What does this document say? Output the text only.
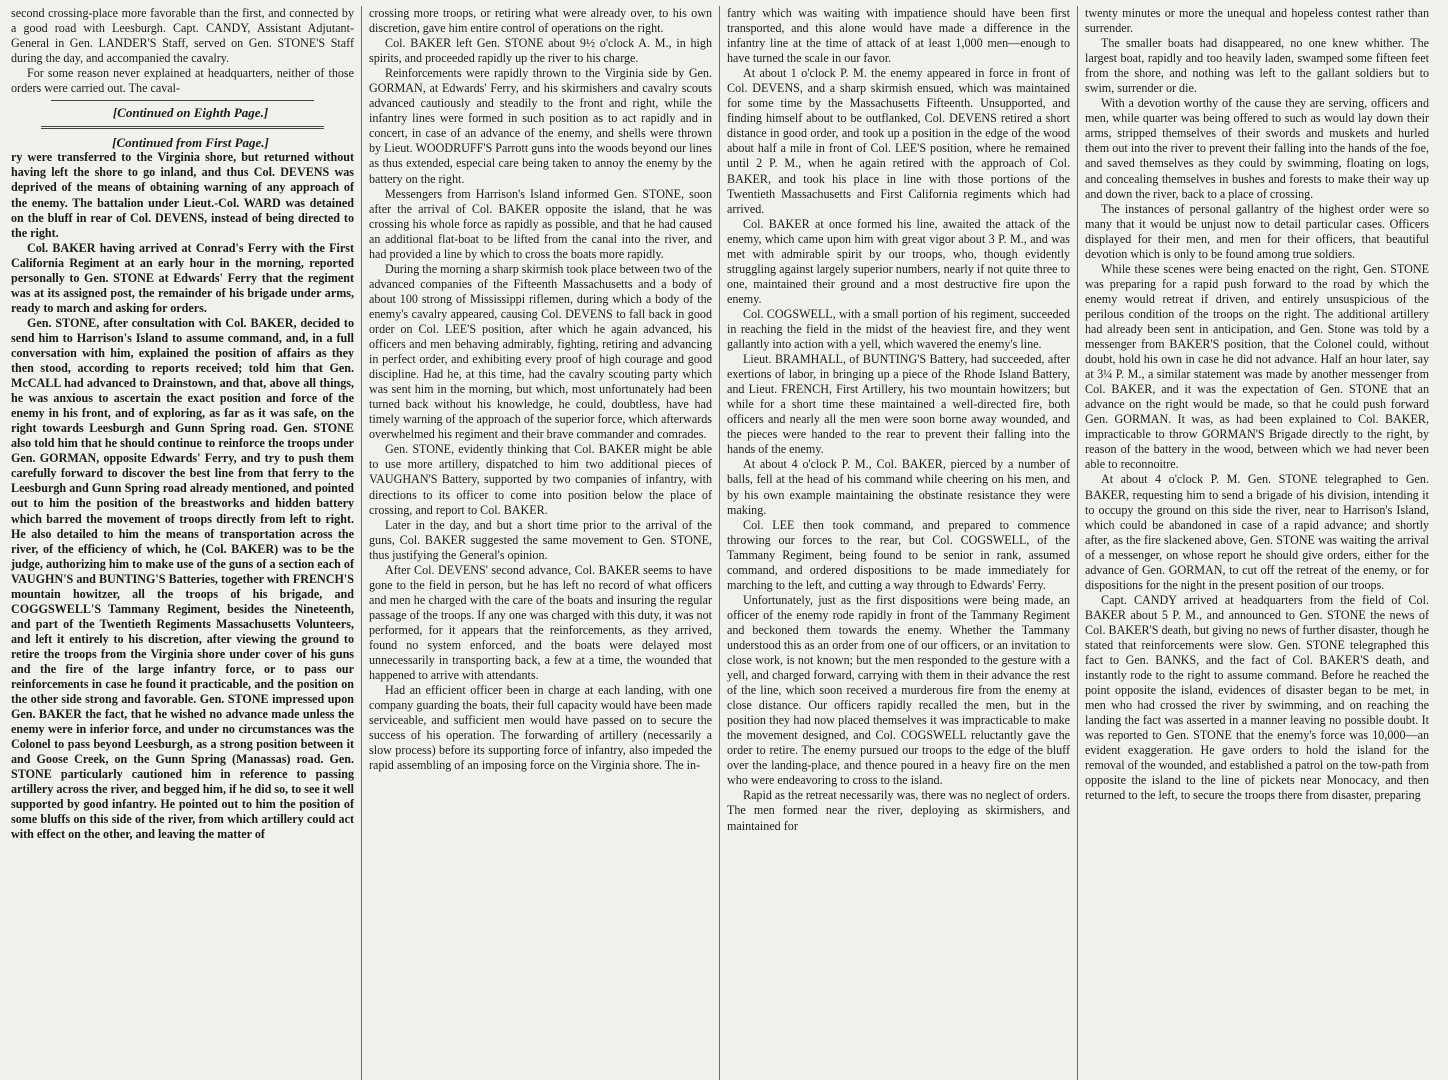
second crossing-place more favorable than the first, and connected by a good road with Leesburgh. Capt. CANDY, Assistant Adjutant-General in Gen. LANDER'S Staff, served on Gen. STONE'S Staff during the day, and accompanied the cavalry.

For some reason never explained at headquarters, neither of those orders were carried out. The caval-

[Continued on Eighth Page.]

[Continued from First Page.]

ry were transferred to the Virginia shore, but returned without having left the shore to go inland, and thus Col. DEVENS was deprived of the means of obtaining warning of any approach of the enemy. The battalion under Lieut.-Col. WARD was detained on the bluff in rear of Col. DEVENS, instead of being directed to the right.

Col. BAKER having arrived at Conrad's Ferry with the First California Regiment at an early hour in the morning, reported personally to Gen. STONE at Edwards' Ferry that the regiment was at its assigned post, the remainder of his brigade under arms, ready to march and asking for orders.

Gen. STONE, after consultation with Col. BAKER, decided to send him to Harrison's Island to assume command, and, in a full conversation with him, explained the position of affairs as they then stood, according to reports received; told him that Gen. McCALL had advanced to Drainstown, and that, above all things, he was anxious to ascertain the exact position and force of the enemy in his front, and of exploring, as far as it was safe, on the right towards Leesburgh and Gunn Spring road. Gen. STONE also told him that he should continue to reinforce the troops under Gen. GORMAN, opposite Edwards' Ferry, and try to push them carefully forward to discover the best line from that ferry to the Leesburgh and Gunn Spring road already mentioned, and pointed out to him the position of the breastworks and hidden battery which barred the movement of troops directly from left to right. He also detailed to him the means of transportation across the river, of the efficiency of which, he (Col. BAKER) was to be the judge, authorizing him to make use of the guns of a section each of VAUGHN'S and BUNTING'S Batteries, together with FRENCH'S mountain howitzer, all the troops of his brigade, and COGGSWELL'S Tammany Regiment, besides the Nineteenth, and part of the Twentieth Regiments Massachusetts Volunteers, and left it entirely to his discretion, after viewing the ground to retire the troops from the Virginia shore under cover of his guns and the fire of the large infantry force, or to pass our reinforcements in case he found it practicable, and the position on the other side strong and favorable. Gen. STONE impressed upon Gen. BAKER the fact, that he wished no advance made unless the enemy were in inferior force, and under no circumstances was the Colonel to pass beyond Leesburgh, as a strong position between it and Goose Creek, on the Gunn Spring (Manassas) road. Gen. STONE particularly cautioned him in reference to passing artillery across the river, and begged him, if he did so, to see it well supported by good infantry. He pointed out to him the position of some bluffs on this side of the river, from which artillery could act with effect on the other, and leaving the matter of

crossing more troops, or retiring what were already over, to his own discretion, gave him entire control of operations on the right.

Col. BAKER left Gen. STONE about 9½ o'clock A. M., in high spirits, and proceeded rapidly up the river to his charge.

Reinforcements were rapidly thrown to the Virginia side by Gen. GORMAN, at Edwards' Ferry, and his skirmishers and cavalry scouts advanced cautiously and steadily to the front and right, while the infantry lines were formed in such position as to act rapidly and in concert, in case of an advance of the enemy, and shells were thrown by Lieut. WOODRUFF'S Parrott guns into the woods beyond our lines as thus extended, especial care being taken to annoy the enemy by the battery on the right.

Messengers from Harrison's Island informed Gen. STONE, soon after the arrival of Col. BAKER opposite the island, that he was crossing his whole force as rapidly as possible, and that he had caused an additional flat-boat to be lifted from the canal into the river, and had provided a line by which to cross the boats more rapidly.

During the morning a sharp skirmish took place between two of the advanced companies of the Fifteenth Massachusetts and a body of about 100 strong of Mississippi riflemen, during which a body of the enemy's cavalry appeared, causing Col. DEVENS to fall back in good order on Col. LEE'S position, after which he again advanced, his officers and men behaving admirably, fighting, retiring and advancing in perfect order, and exhibiting every proof of high courage and good discipline. Had he, at this time, had the cavalry scouting party which was sent him in the morning, but which, most unfortunately had been turned back without his knowledge, he could, doubtless, have had timely warning of the approach of the superior force, which afterwards overwhelmed his regiment and their brave commander and comrades.

Gen. STONE, evidently thinking that Col. BAKER might be able to use more artillery, dispatched to him two additional pieces of VAUGHAN'S Battery, supported by two companies of infantry, with directions to its officer to come into position below the place of crossing, and report to Col. BAKER.

Later in the day, and but a short time prior to the arrival of the guns, Col. BAKER suggested the same movement to Gen. STONE, thus justifying the General's opinion.

After Col. DEVENS' second advance, Col. BAKER seems to have gone to the field in person, but he has left no record of what officers and men he charged with the care of the boats and insuring the regular passage of the troops. If any one was charged with this duty, it was not performed, for it appears that the reinforcements, as they arrived, found no system enforced, and the boats were delayed most unnecessarily in transporting back, a few at a time, the wounded that happened to arrive with attendants.

Had an efficient officer been in charge at each landing, with one company guarding the boats, their full capacity would have been made serviceable, and sufficient men would have passed on to secure the success of his operation. The forwarding of artillery (necessarily a slow process) before its supporting force of infantry, also impeded the rapid assembling of an imposing force on the Virginia shore. The in-

fantry which was waiting with impatience should have been first transported, and this alone would have made a difference in the infantry line at the time of attack of at least 1,000 men—enough to have turned the scale in our favor.

At about 1 o'clock P. M. the enemy appeared in force in front of Col. DEVENS, and a sharp skirmish ensued, which was maintained for some time by the Massachusetts Fifteenth. Unsupported, and finding himself about to be outflanked, Col. DEVENS retired a short distance in good order, and took up a position in the edge of the wood about half a mile in front of Col. LEE'S position, where he remained until 2 P. M., when he again retired with the approach of Col. BAKER, and took his place in line with those portions of the Twentieth Massachusetts and First California regiments which had arrived.

Col. BAKER at once formed his line, awaited the attack of the enemy, which came upon him with great vigor about 3 P. M., and was met with admirable spirit by our troops, who, though evidently struggling against largely superior numbers, nearly if not quite three to one, maintained their ground and a most destructive fire upon the enemy.

Col. COGSWELL, with a small portion of his regiment, succeeded in reaching the field in the midst of the heaviest fire, and they went gallantly into action with a yell, which wavered the enemy's line.

Lieut. BRAMHALL, of BUNTING'S Battery, had succeeded, after exertions of labor, in bringing up a piece of the Rhode Island Battery, and Lieut. FRENCH, First Artillery, his two mountain howitzers; but while for a short time these maintained a well-directed fire, both officers and nearly all the men were soon borne away wounded, and the pieces were handed to the rear to prevent their falling into the hands of the enemy.

At about 4 o'clock P. M., Col. BAKER, pierced by a number of balls, fell at the head of his command while cheering on his men, and by his own example maintaining the obstinate resistance they were making.

Col. LEE then took command, and prepared to commence throwing our forces to the rear, but Col. COGSWELL, of the Tammany Regiment, being found to be senior in rank, assumed command, and ordered dispositions to be made immediately for marching to the left, and cutting a way through to Edwards' Ferry.

Unfortunately, just as the first dispositions were being made, an officer of the enemy rode rapidly in front of the Tammany Regiment and beckoned them towards the enemy. Whether the Tammany understood this as an order from one of our officers, or an invitation to close work, is not known; but the men responded to the gesture with a yell, and charged forward, carrying with them in their advance the rest of the line, which soon received a murderous fire from the enemy at close distance. Our officers rapidly recalled the men, but in the position they had now placed themselves it was impracticable to make the movement designed, and Col. COGSWELL reluctantly gave the order to retire. The enemy pursued our troops to the edge of the bluff over the landing-place, and thence poured in a heavy fire on the men who were endeavoring to cross to the island.

Rapid as the retreat necessarily was, there was no neglect of orders. The men formed near the river, deploying as skirmishers, and maintained for

twenty minutes or more the unequal and hopeless contest rather than surrender.

The smaller boats had disappeared, no one knew whither. The largest boat, rapidly and too heavily laden, swamped some fifteen feet from the shore, and nothing was left to the gallant soldiers but to swim, surrender or die.

With a devotion worthy of the cause they are serving, officers and men, while quarter was being offered to such as would lay down their arms, stripped themselves of their swords and muskets and hurled them out into the river to prevent their falling into the hands of the foe, and saved themselves as they could by swimming, floating on logs, and concealing themselves in bushes and forests to make their way up and down the river, back to a place of crossing.

The instances of personal gallantry of the highest order were so many that it would be unjust now to detail particular cases. Officers displayed for their men, and men for their officers, that beautiful devotion which is only to be found among true soldiers.

While these scenes were being enacted on the right, Gen. STONE was preparing for a rapid push forward to the road by which the enemy would retreat if driven, and entirely unsuspicious of the perilous condition of the troops on the right. The additional artillery had already been sent in anticipation, and Gen. Stone was told by a messenger from BAKER'S position, that the Colonel could, without doubt, hold his own in case he did not advance. Half an hour later, say at 3¼ P. M., a similar statement was made by another messenger from Col. BAKER, and it was the expectation of Gen. STONE that an advance on the right would be made, so that he could push forward Gen. GORMAN. It was, as had been explained to Col. BAKER, impracticable to throw GORMAN'S Brigade directly to the right, by reason of the battery in the wood, between which we had never been able to reconnoitre.

At about 4 o'clock P. M. Gen. STONE telegraphed to Gen. BAKER, requesting him to send a brigade of his division, intending it to occupy the ground on this side the river, near to Harrison's Island, which could be abandoned in case of a rapid advance; and shortly after, as the fire slackened above, Gen. STONE was waiting the arrival of a messenger, on whose report he should give orders, either for the advance of Gen. GORMAN, to cut off the retreat of the enemy, or for dispositions for the night in the present position of our troops.

Capt. CANDY arrived at headquarters from the field of Col. BAKER about 5 P. M., and announced to Gen. STONE the news of Col. BAKER'S death, but giving no news of further disaster, though he stated that reinforcements were slow. Gen. STONE telegraphed this fact to Gen. BANKS, and the fact of Col. BAKER'S death, and instantly rode to the right to assume command. Before he reached the point opposite the island, evidences of disaster began to be met, in men who had crossed the river by swimming, and on reaching the landing the fact was asserted in a manner leaving no possible doubt. It was reported to Gen. STONE that the enemy's force was 10,000—an evident exaggeration. He gave orders to hold the island for the removal of the wounded, and established a patrol on the tow-path from opposite the island to the line of pickets near Monocacy, and then returned to the left, to secure the troops there from disaster, preparing
